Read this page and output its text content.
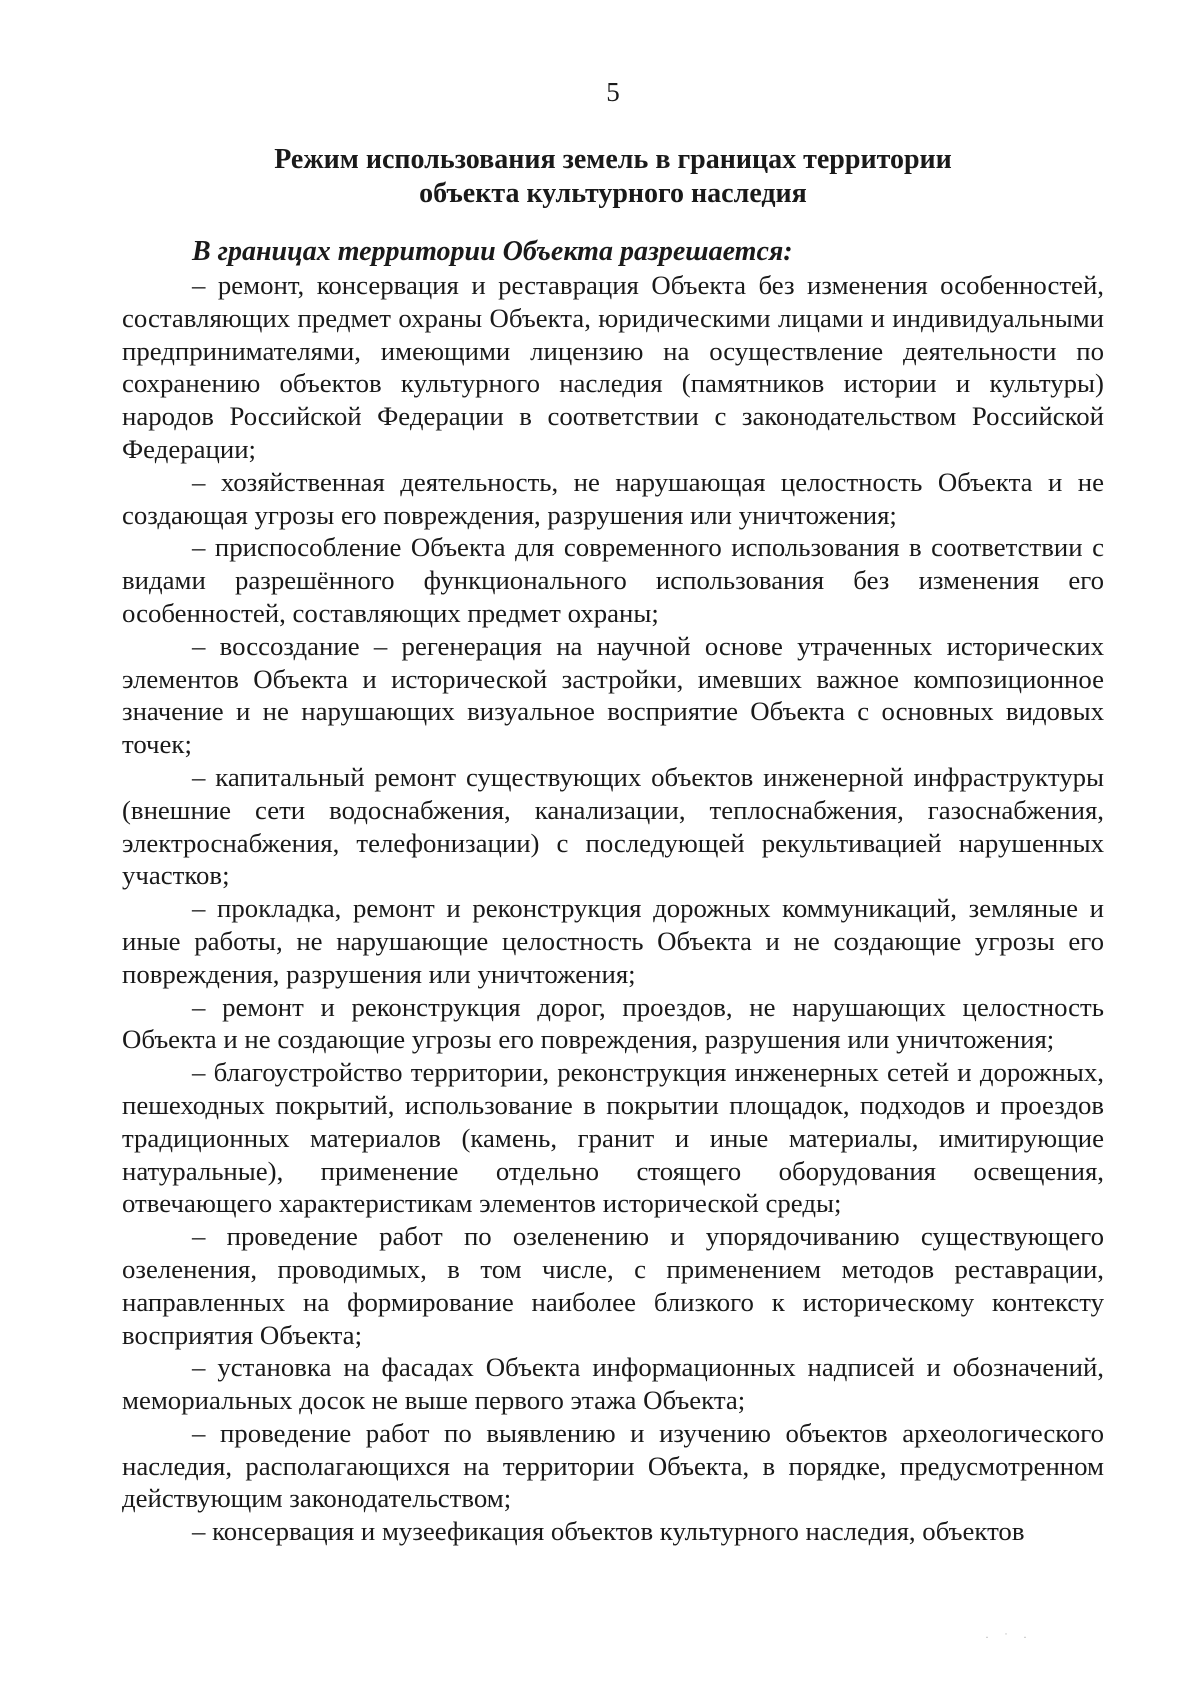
5
Режим использования земель в границах территории
объекта культурного наследия
В границах территории Объекта разрешается:

– ремонт, консервация и реставрация Объекта без изменения особенностей, составляющих предмет охраны Объекта, юридическими лицами и индивидуальными предпринимателями, имеющими лицензию на осуществление деятельности по сохранению объектов культурного наследия (памятников истории и культуры) народов Российской Федерации в соответствии с законодательством Российской Федерации;

– хозяйственная деятельность, не нарушающая целостность Объекта и не создающая угрозы его повреждения, разрушения или уничтожения;

– приспособление Объекта для современного использования в соответствии с видами разрешённого функционального использования без изменения его особенностей, составляющих предмет охраны;

– воссоздание – регенерация на научной основе утраченных исторических элементов Объекта и исторической застройки, имевших важное композиционное значение и не нарушающих визуальное восприятие Объекта с основных видовых точек;

– капитальный ремонт существующих объектов инженерной инфраструктуры (внешние сети водоснабжения, канализации, теплоснабжения, газоснабжения, электроснабжения, телефонизации) с последующей рекультивацией нарушенных участков;

– прокладка, ремонт и реконструкция дорожных коммуникаций, земляные и иные работы, не нарушающие целостность Объекта и не создающие угрозы его повреждения, разрушения или уничтожения;

– ремонт и реконструкция дорог, проездов, не нарушающих целостность Объекта и не создающие угрозы его повреждения, разрушения или уничтожения;

– благоустройство территории, реконструкция инженерных сетей и дорожных, пешеходных покрытий, использование в покрытии площадок, подходов и проездов традиционных материалов (камень, гранит и иные материалы, имитирующие натуральные), применение отдельно стоящего оборудования освещения, отвечающего характеристикам элементов исторической среды;

– проведение работ по озеленению и упорядочиванию существующего озеленения, проводимых, в том числе, с применением методов реставрации, направленных на формирование наиболее близкого к историческому контексту восприятия Объекта;

– установка на фасадах Объекта информационных надписей и обозначений, мемориальных досок не выше первого этажа Объекта;

– проведение работ по выявлению и изучению объектов археологического наследия, располагающихся на территории Объекта, в порядке, предусмотренном действующим законодательством;

– консервация и музеефикация объектов культурного наследия, объектов

· ˙ ·
